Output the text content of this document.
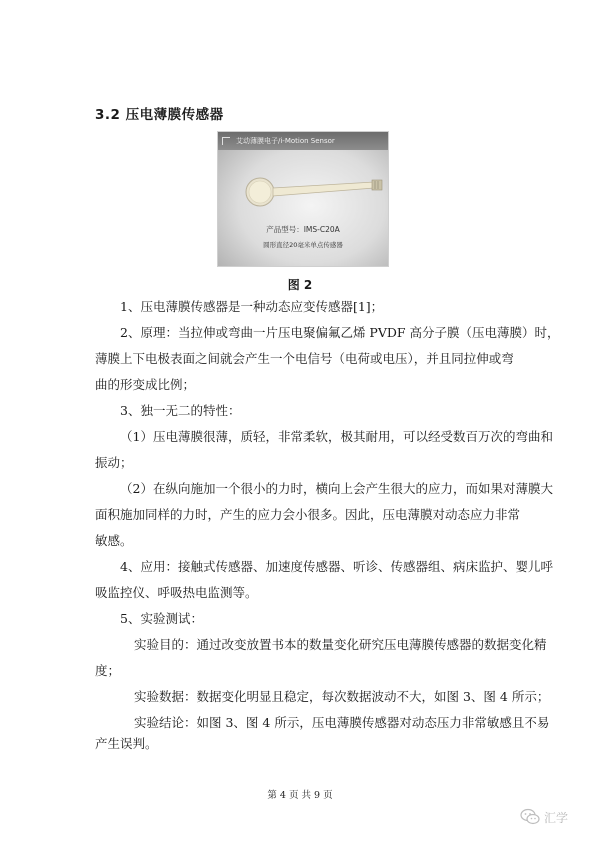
3.2 压电薄膜传感器
艾动薄膜电子/i-Motion Sensor
产品型号：IMS-C20A
圆形直径20毫米单点传感器
图 2
1、压电薄膜传感器是一种动态应变传感器[1]；
2、原理：当拉伸或弯曲一片压电聚偏氟乙烯 PVDF 高分子膜（压电薄膜）时，
薄膜上下电极表面之间就会产生一个电信号（电荷或电压），并且同拉伸或弯
曲的形变成比例；
3、独一无二的特性：
（1）压电薄膜很薄，质轻，非常柔软，极其耐用，可以经受数百万次的弯曲和
振动；
（2）在纵向施加一个很小的力时，横向上会产生很大的应力，而如果对薄膜大
面积施加同样的力时，产生的应力会小很多。因此，压电薄膜对动态应力非常
敏感。
4、应用：接触式传感器、加速度传感器、听诊、传感器组、病床监护、婴儿呼
吸监控仪、呼吸热电监测等。
5、实验测试：
实验目的：通过改变放置书本的数量变化研究压电薄膜传感器的数据变化精
度；
实验数据：数据变化明显且稳定，每次数据波动不大，如图 3、图 4 所示；
实验结论：如图 3、图 4 所示，压电薄膜传感器对动态压力非常敏感且不易
产生误判。
第 4 页 共 9 页
汇学
